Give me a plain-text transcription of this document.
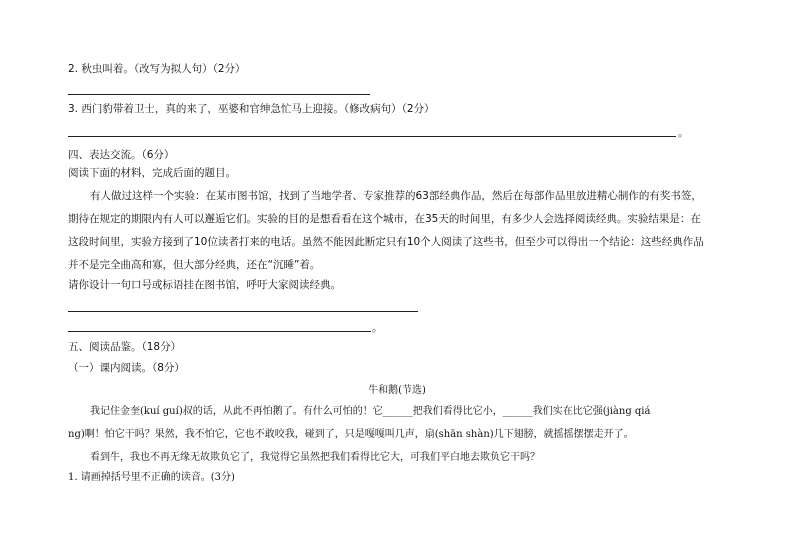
2. 秋虫叫着。（改写为拟人句）（2分）
3. 西门豹带着卫士，真的来了，巫婆和官绅急忙马上迎接。（修改病句）（2分）
。
四、表达交流。（6分）
阅读下面的材料，完成后面的题目。
有人做过这样一个实验：在某市图书馆，找到了当地学者、专家推荐的63部经典作品，然后在每部作品里放进精心制作的有奖书签，
期待在规定的期限内有人可以邂逅它们。实验的目的是想看看在这个城市，在35天的时间里，有多少人会选择阅读经典。实验结果是：在
这段时间里，实验方接到了10位读者打来的电话。虽然不能因此断定只有10个人阅读了这些书，但至少可以得出一个结论：这些经典作品
并不是完全曲高和寡，但大部分经典，还在“沉睡”着。
请你设计一句口号或标语挂在图书馆，呼吁大家阅读经典。
。
五、阅读品鉴。（18分）
（一）课内阅读。（8分）
牛和鹅(节选)
我记住金奎(kuí guí)叔的话，从此不再怕鹅了。有什么可怕的！它______把我们看得比它小，______我们实在比它强(jiàng qiá
ng)啊！怕它干吗？果然，我不怕它，它也不敢咬我，碰到了，只是嘎嘎叫几声，扇(shān shàn)几下翅膀，就摇摇摆摆走开了。
看到牛，我也不再无缘无故欺负它了，我觉得它虽然把我们看得比它大，可我们平白地去欺负它干吗？
1. 请画掉括号里不正确的读音。(3分)
